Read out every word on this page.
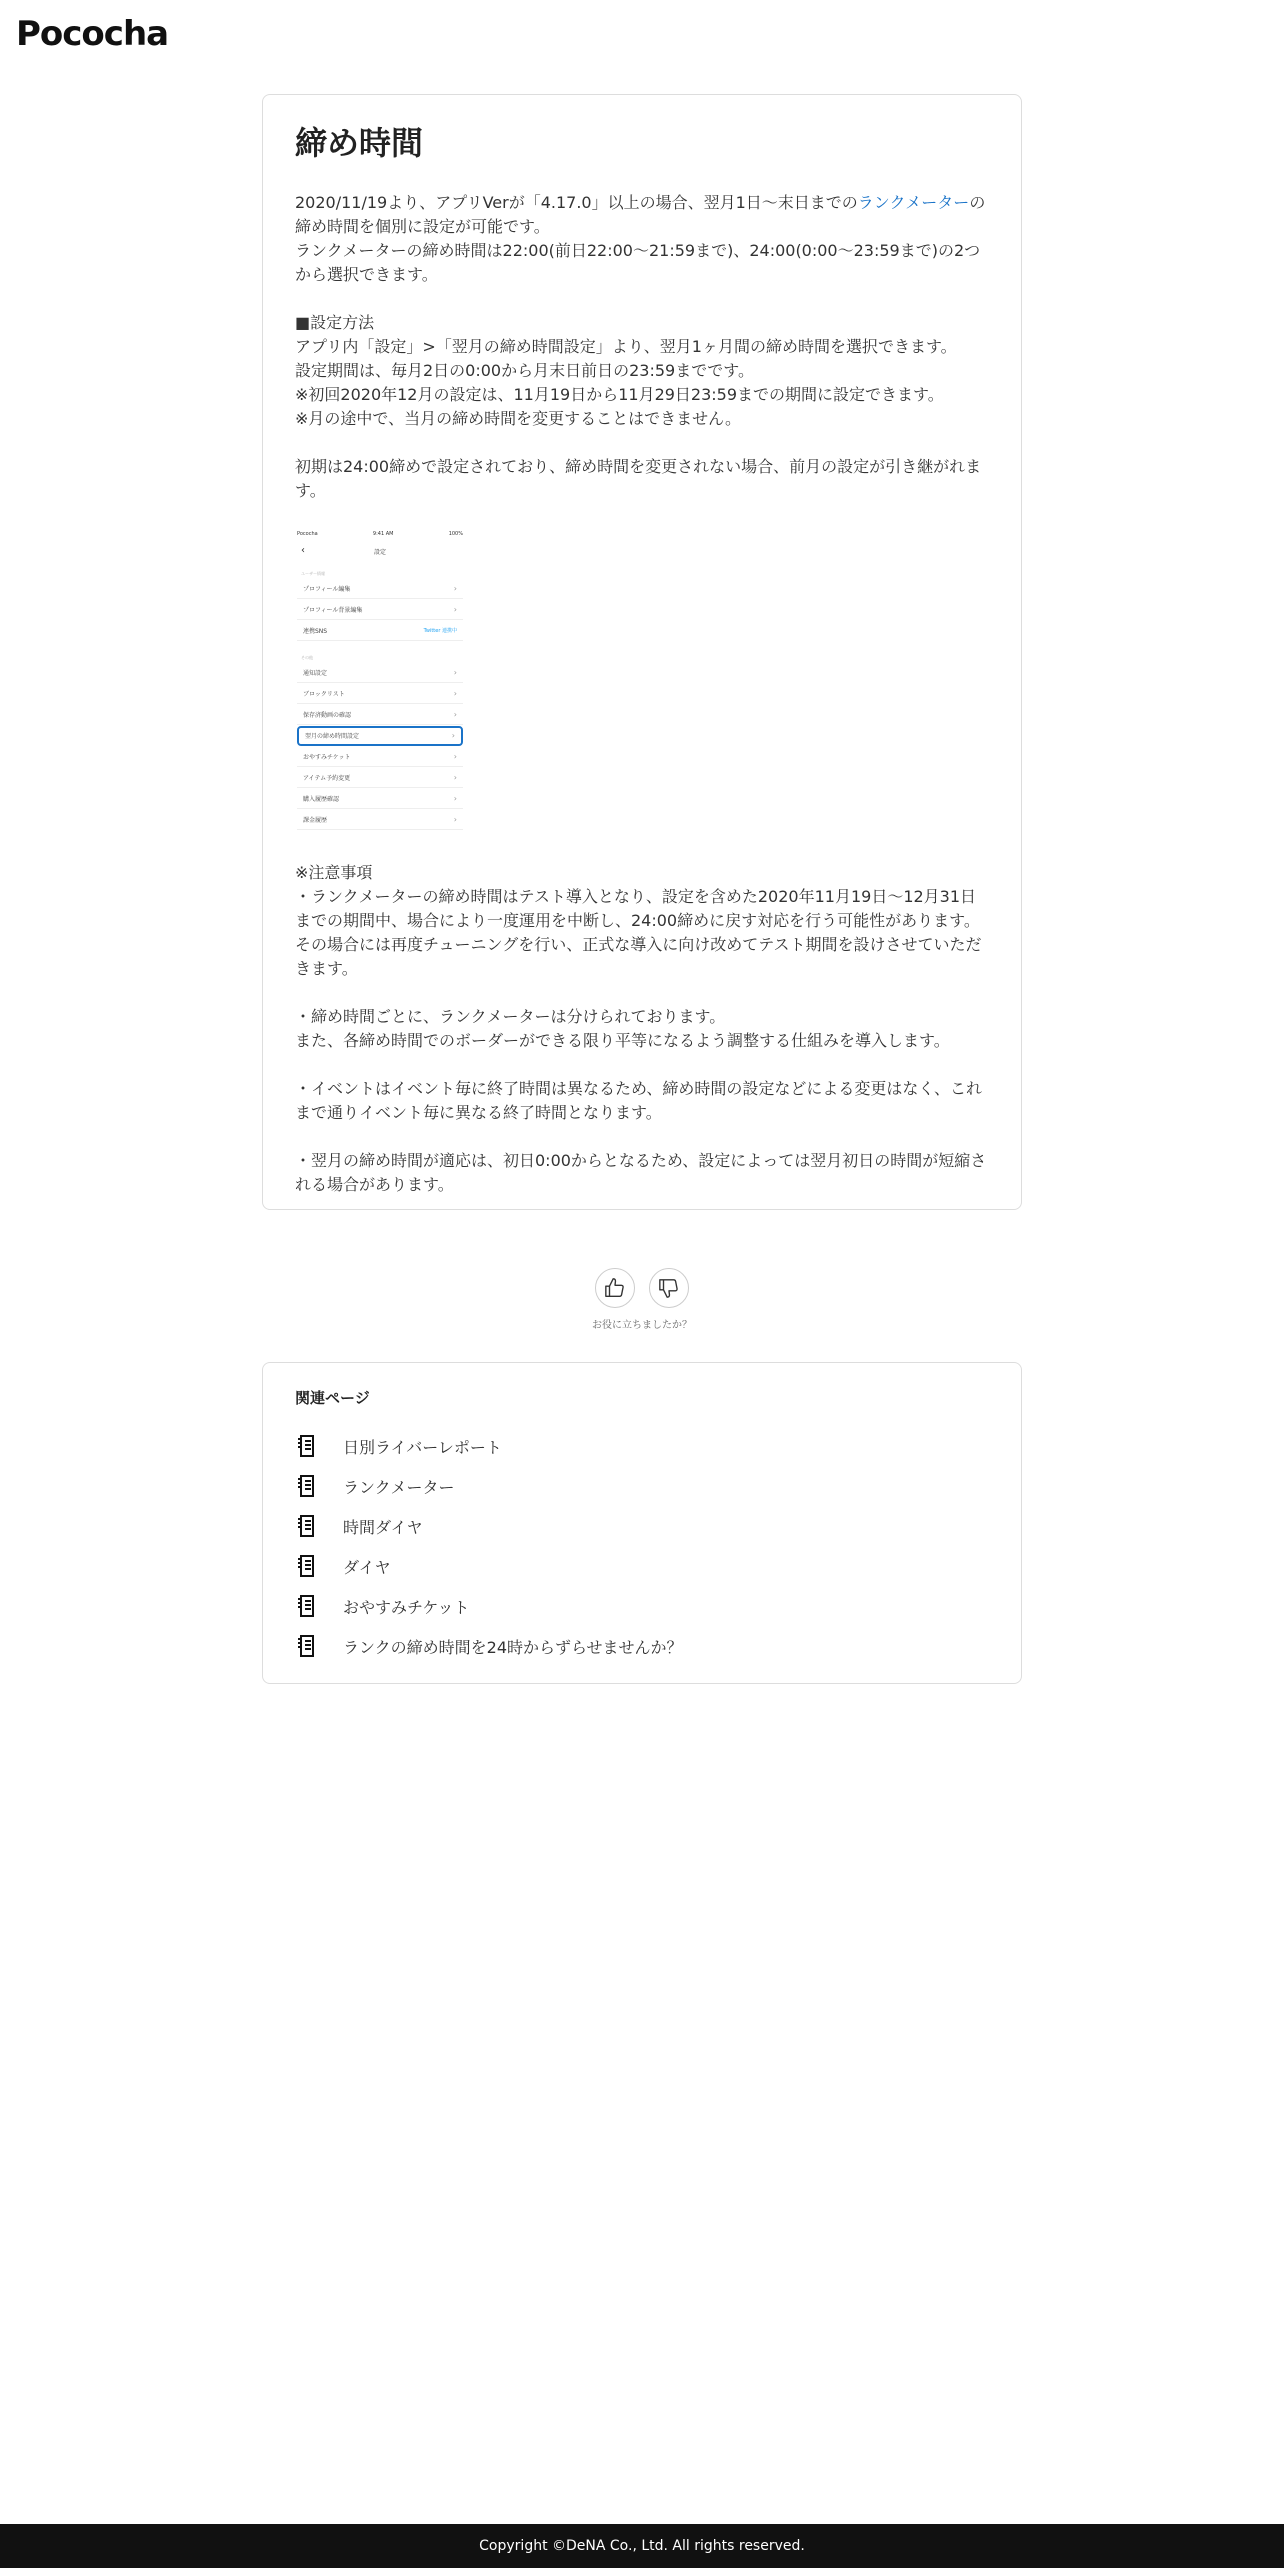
Pococha
締め時間
2020/11/19より、アプリVerが「4.17.0」以上の場合、翌月1日～末日までのランクメーターの締め時間を個別に設定が可能です。
ランクメーターの締め時間は22:00(前日22:00～21:59まで)、24:00(0:00～23:59まで)の2つから選択できます。
■設定方法
アプリ内「設定」>「翌月の締め時間設定」より、翌月1ヶ月間の締め時間を選択できます。
設定期間は、毎月2日の0:00から月末日前日の23:59までです。
※初回2020年12月の設定は、11月19日から11月29日23:59までの期間に設定できます。
※月の途中で、当月の締め時間を変更することはできません。
初期は24:00締めで設定されており、締め時間を変更されない場合、前月の設定が引き継がれます。
Pococha	9:41 AM	100%
‹	設定
ユーザー情報
プロフィール編集	›
プロフィール背景編集	›
連携SNS	Twitter 連携中
その他
通知設定	›
ブロックリスト	›
保存済動画の確認	›
翌月の締め時間設定	›
おやすみチケット	›
アイテム予約変更	›
購入履歴確認	›
課金履歴	›
※注意事項
・ランクメーターの締め時間はテスト導入となり、設定を含めた2020年11月19日～12月31日までの期間中、場合により一度運用を中断し、24:00締めに戻す対応を行う可能性があります。その場合には再度チューニングを行い、正式な導入に向け改めてテスト期間を設けさせていただきます。
・締め時間ごとに、ランクメーターは分けられております。
また、各締め時間でのボーダーができる限り平等になるよう調整する仕組みを導入します。
・イベントはイベント毎に終了時間は異なるため、締め時間の設定などによる変更はなく、これまで通りイベント毎に異なる終了時間となります。
・翌月の締め時間が適応は、初日0:00からとなるため、設定によっては翌月初日の時間が短縮される場合があります。
お役に立ちましたか？
関連ページ
日別ライバーレポート
ランクメーター
時間ダイヤ
ダイヤ
おやすみチケット
ランクの締め時間を24時からずらせませんか？
Copyright ©DeNA Co., Ltd. All rights reserved.
